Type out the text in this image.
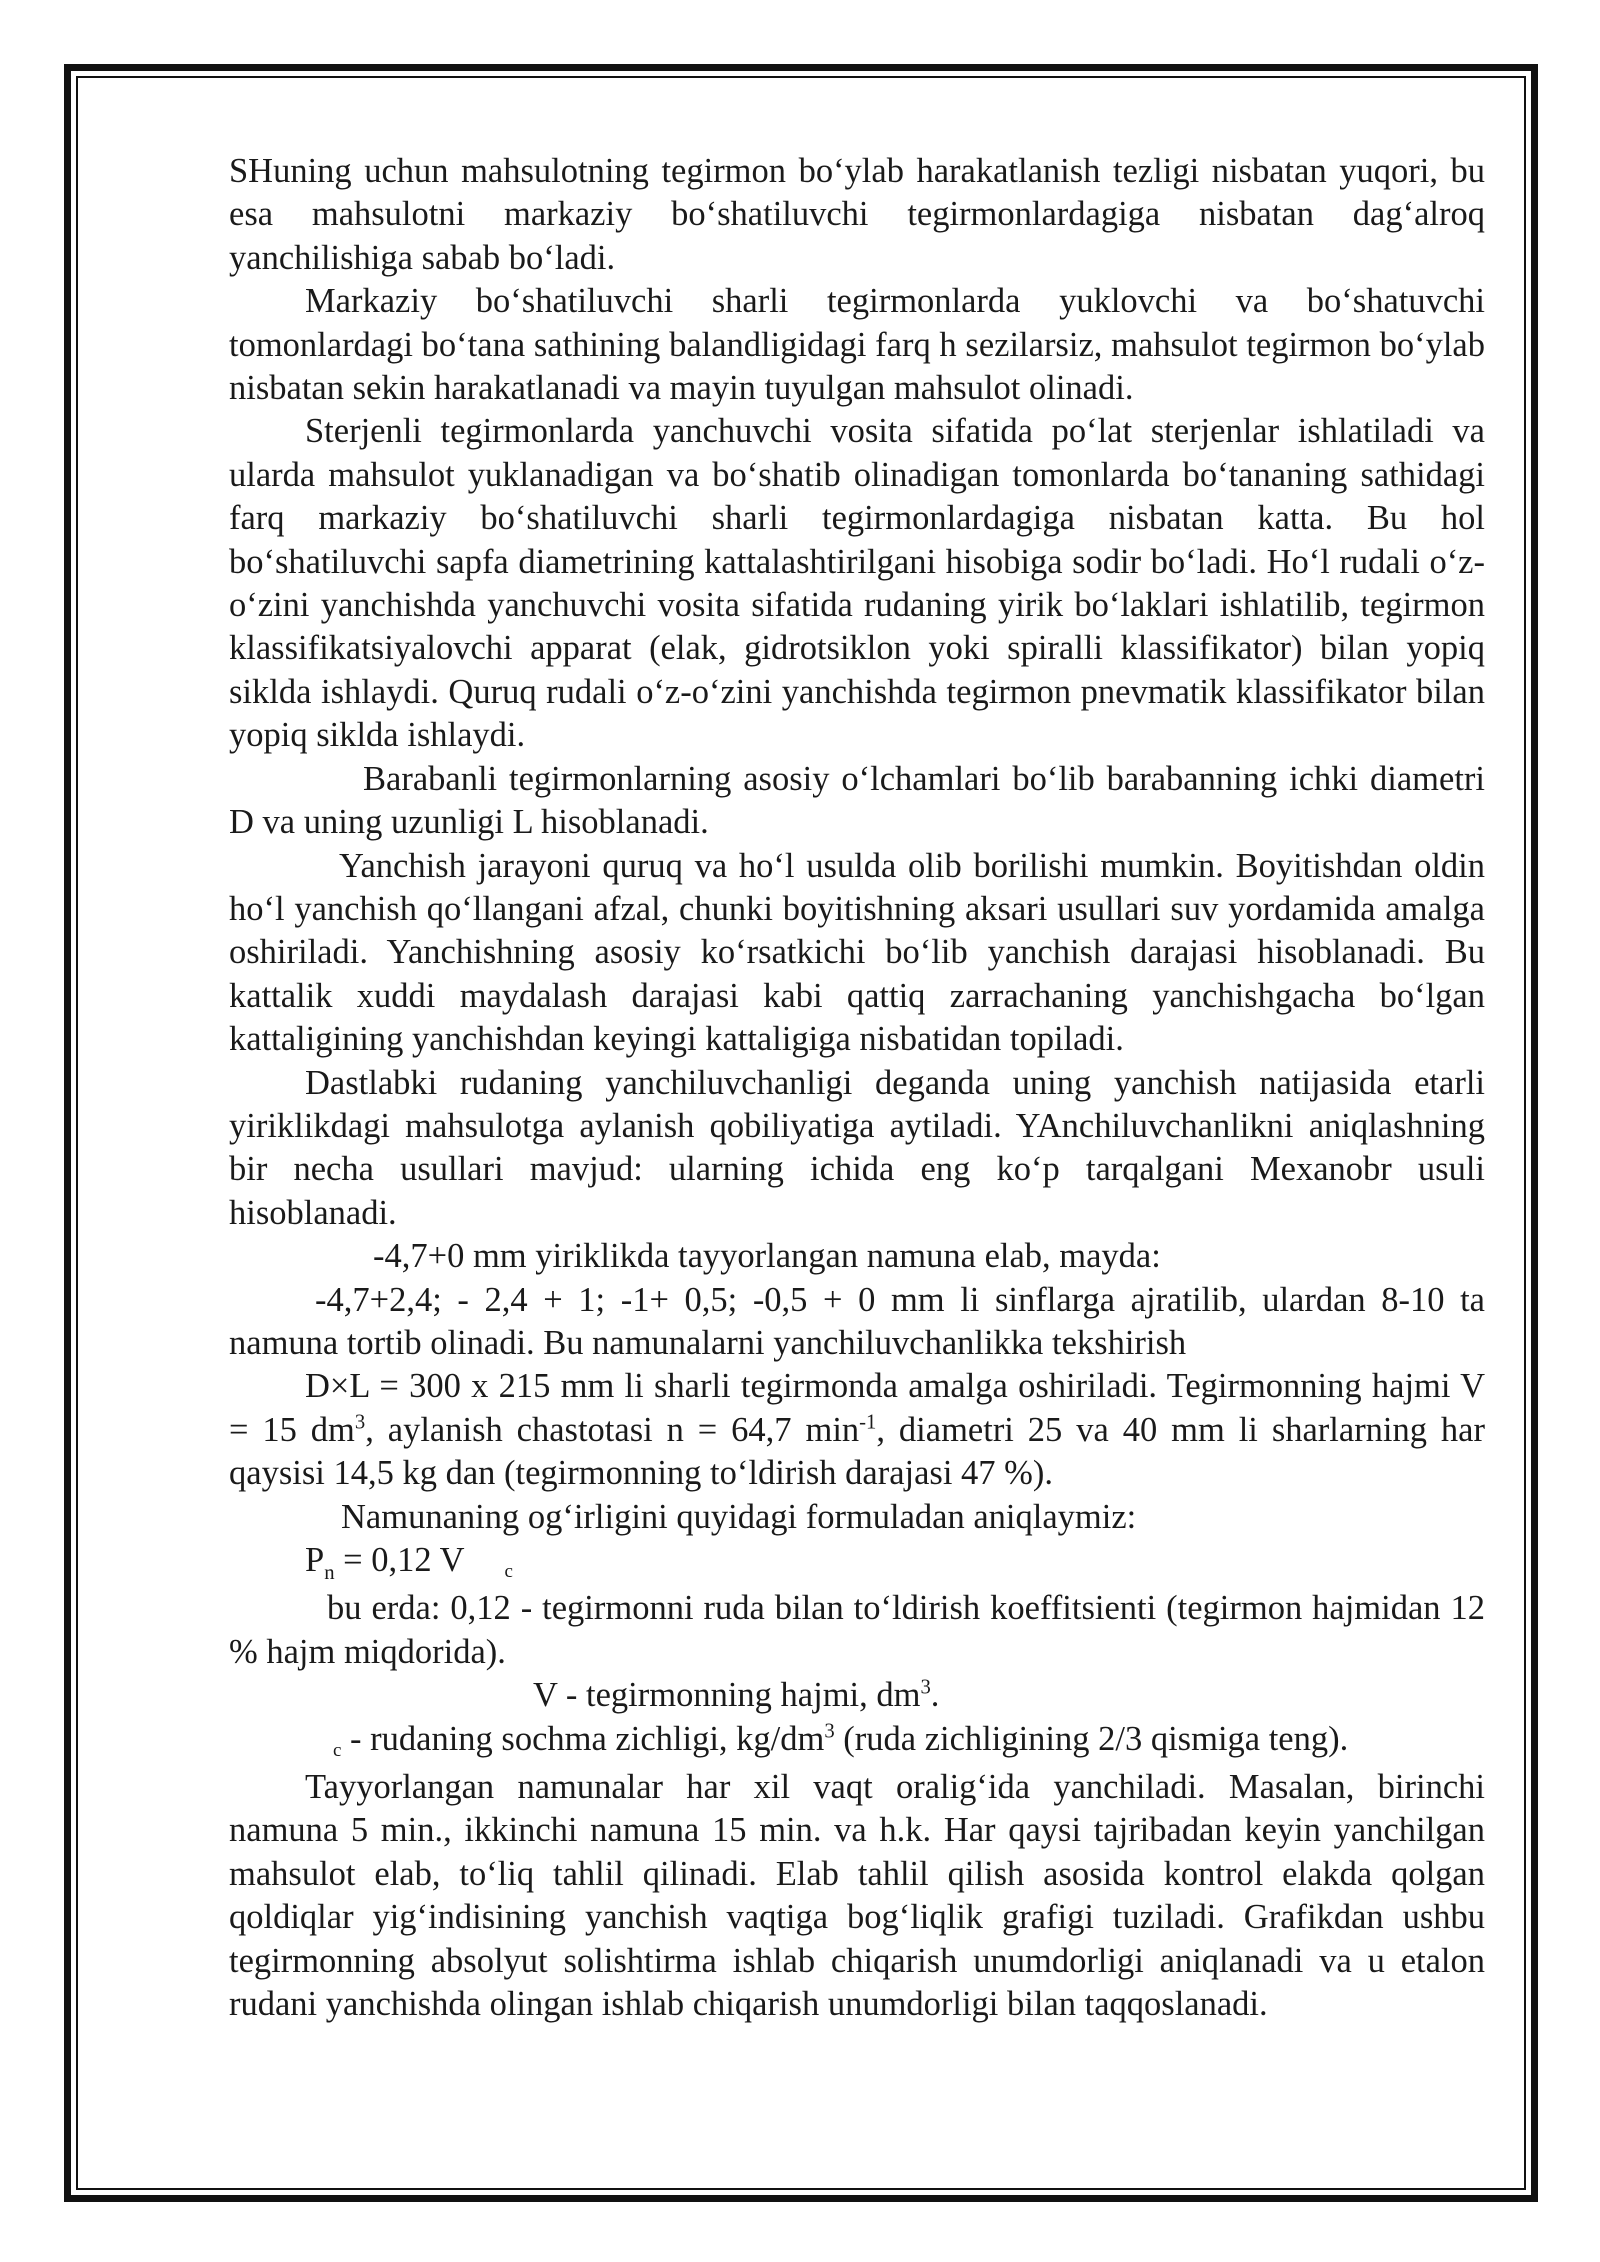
SHuning uchun mahsulotning tegirmon bo‘ylab harakatlanish tezligi nisbatan yuqori, bu esa mahsulotni markaziy bo‘shatiluvchi tegirmonlardagiga nisbatan dag‘alroq yanchilishiga sabab bo‘ladi.

Markaziy bo‘shatiluvchi sharli tegirmonlarda yuklovchi va bo‘shatuvchi tomonlardagi bo‘tana sathining balandligidagi farq h sezilarsiz, mahsulot tegirmon bo‘ylab nisbatan sekin harakatlanadi va mayin tuyulgan mahsulot olinadi.

Sterjenli tegirmonlarda yanchuvchi vosita sifatida po‘lat sterjenlar ishlatiladi va ularda mahsulot yuklanadigan va bo‘shatib olinadigan tomonlarda bo‘tananing sathidagi farq markaziy bo‘shatiluvchi sharli tegirmonlardagiga nisbatan katta. Bu hol bo‘shatiluvchi sapfa diametrining kattalashtirilgani hisobiga sodir bo‘ladi. Ho‘l rudali o‘z-o‘zini yanchishda yanchuvchi vosita sifatida rudaning yirik bo‘laklari ishlatilib, tegirmon klassifikatsiyalovchi apparat (elak, gidrotsiklon yoki spiralli klassifikator) bilan yopiq siklda ishlaydi. Quruq rudali o‘z-o‘zini yanchishda tegirmon pnevmatik klassifikator bilan yopiq siklda ishlaydi.

Barabanli tegirmonlarning asosiy o‘lchamlari bo‘lib barabanning ichki diametri D va uning uzunligi L hisoblanadi.

Yanchish jarayoni quruq va ho‘l usulda olib borilishi mumkin. Boyitishdan oldin ho‘l yanchish qo‘llangani afzal, chunki boyitishning aksari usullari suv yordamida amalga oshiriladi. Yanchishning asosiy ko‘rsatkichi bo‘lib yanchish darajasi hisoblanadi. Bu kattalik xuddi maydalash darajasi kabi qattiq zarrachaning yanchishgacha bo‘lgan kattaligining yanchishdan keyingi kattaligiga nisbatidan topiladi.

Dastlabki rudaning yanchiluvchanligi deganda uning yanchish natijasida etarli yiriklikdagi mahsulotga aylanish qobiliyatiga aytiladi. YAnchiluvchanlikni aniqlashning bir necha usullari mavjud: ularning ichida eng ko‘p tarqalgani Mexanobr usuli hisoblanadi.

-4,7+0 mm yiriklikda tayyorlangan namuna elab, mayda:

-4,7+2,4; - 2,4 + 1; -1+ 0,5; -0,5 + 0 mm li sinflarga ajratilib, ulardan 8-10 ta namuna tortib olinadi. Bu namunalarni yanchiluvchanlikka tekshirish

D×L = 300 x 215 mm li sharli tegirmonda amalga oshiriladi. Tegirmonning hajmi V = 15 $dm^3$, aylanish chastotasi n = 64,7 $\min^{-1}$, diametri 25 va 40 mm li sharlarning har qaysisi 14,5 kg dan (tegirmonning to‘ldirish darajasi 47 %).

Namunaning og‘irligini quyidagi formuladan aniqlaymiz:

$P_n = 0,12$ V c

bu erda: 0,12 - tegirmonni ruda bilan to‘ldirish koeffitsienti (tegirmon hajmidan 12 % hajm miqdorida).

V - tegirmonning hajmi, $dm^3$.

c - rudaning sochma zichligi, $kg/dm^3$ (ruda zichligining 2/3 qismiga teng).

Tayyorlangan namunalar har xil vaqt oralig‘ida yanchiladi. Masalan, birinchi namuna 5 min., ikkinchi namuna 15 min. va h.k. Har qaysi tajribadan keyin yanchilgan mahsulot elab, to‘liq tahlil qilinadi. Elab tahlil qilish asosida kontrol elakda qolgan qoldiqlar yig‘indisining yanchish vaqtiga bog‘liqlik grafigi tuziladi. Grafikdan ushbu tegirmonning absolyut solishtirma ishlab chiqarish unumdorligi aniqlanadi va u etalon rudani yanchishda olingan ishlab chiqarish unumdorligi bilan taqqoslanadi.
